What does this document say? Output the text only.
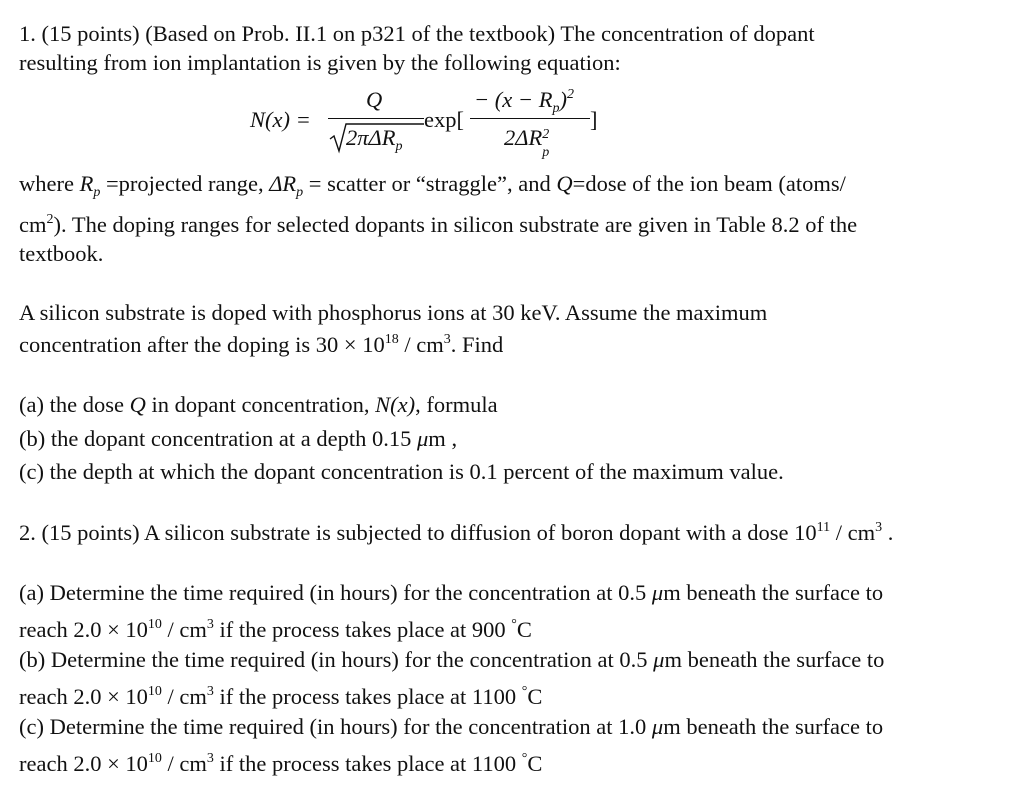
1. (15 points) (Based on Prob. II.1 on p321 of the textbook) The concentration of dopant
resulting from ion implantation is given by the following equation:
N(x) =
Q
2πΔR$_p$
exp[
− $(x - R_p)^2$
2ΔR 2
p
]
where $R_p$ =projected range, $\Delta R_p$ = scatter or “straggle”, and Q=dose of the ion beam (atoms/
$cm^2$). The doping ranges for selected dopants in silicon substrate are given in Table 8.2 of the
textbook.
A silicon substrate is doped with phosphorus ions at 30 keV. Assume the maximum
concentration after the doping is $30 \times 10^{18} / cm^3$. Find
(a) the dose Q in dopant concentration, N(x), formula
(b) the dopant concentration at a depth 0.15 μm ,
(c) the depth at which the dopant concentration is 0.1 percent of the maximum value.
2. (15 points) A silicon substrate is subjected to diffusion of boron dopant with a dose $10^{11} / cm^3$ .
(a) Determine the time required (in hours) for the concentration at 0.5 μm beneath the surface to
reach $2.0 \times 10^{10} / cm^3$ if the process takes place at 900 °C
(b) Determine the time required (in hours) for the concentration at 0.5 μm beneath the surface to
reach $2.0 \times 10^{10} / cm^3$ if the process takes place at 1100 °C
(c) Determine the time required (in hours) for the concentration at 1.0 μm beneath the surface to
reach $2.0 \times 10^{10} / cm^3$ if the process takes place at 1100 °C
